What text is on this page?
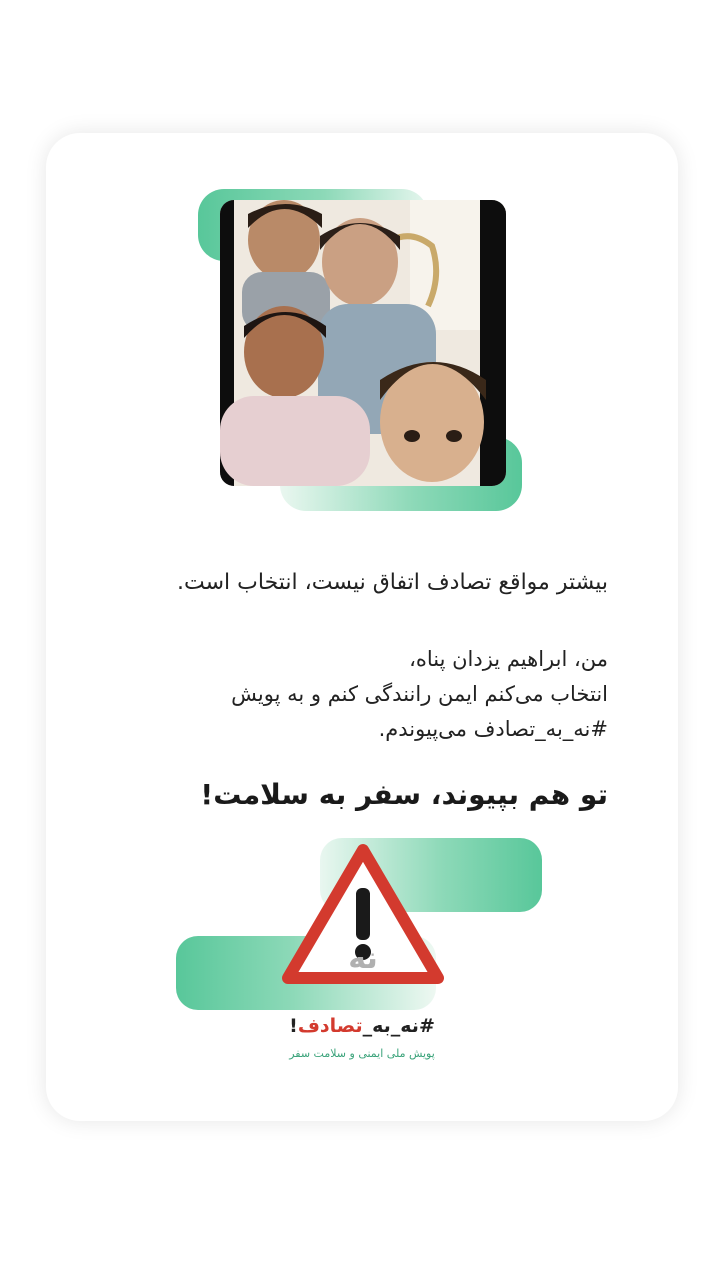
بیشتر مواقع تصادف اتفاق نیست، انتخاب است.

من، ابراهیم یزدان پناه،
انتخاب می‌کنم ایمن رانندگی کنم و به پویش
#نه_به_تصادف می‌پیوندم.

تو هم بپیوند، سفر به سلامت!

نه
#نه_به_تصادف!
پویش ملی ایمنی و سلامت سفر
